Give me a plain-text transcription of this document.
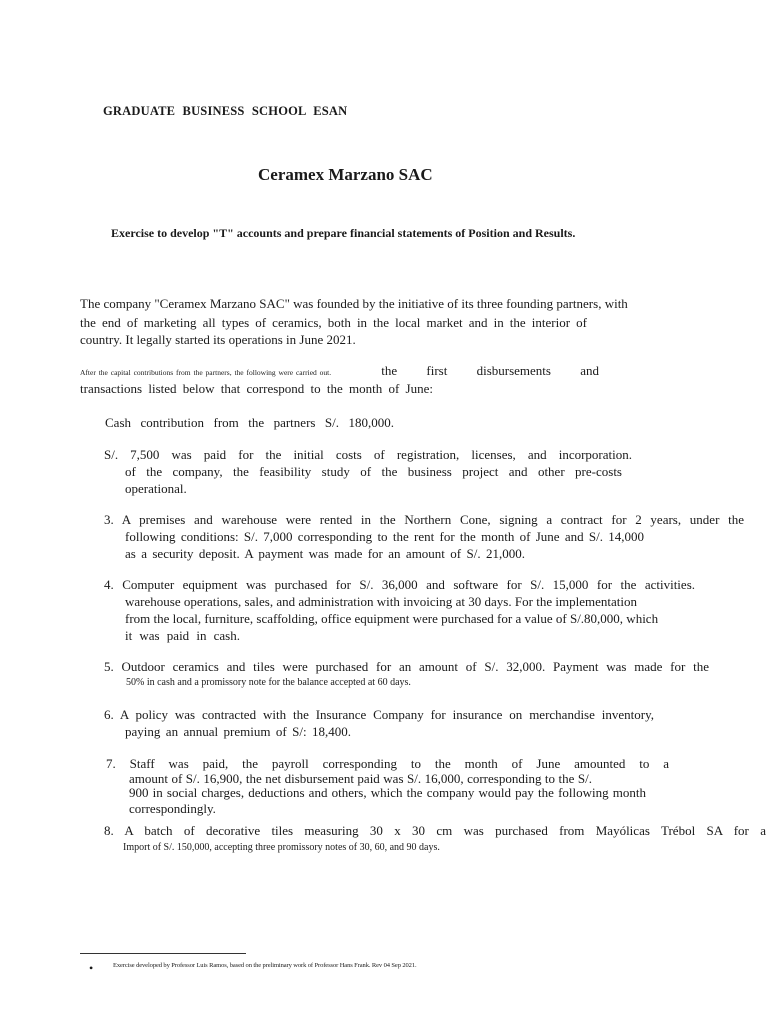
GRADUATE BUSINESS SCHOOL ESAN
Ceramex Marzano SAC
Exercise to develop "T" accounts and prepare financial statements of Position and Results.
The company "Ceramex Marzano SAC" was founded by the initiative of its three founding partners, with
the end of marketing all types of ceramics, both in the local market and in the interior of
country. It legally started its operations in June 2021.
After the capital contributions from the partners, the following were carried out.	the first disbursements and
transactions listed below that correspond to the month of June:
Cash contribution from the partners S/. 180,000.
S/. 7,500 was paid for the initial costs of registration, licenses, and incorporation.
of the company, the feasibility study of the business project and other pre-costs
operational.
3. A premises and warehouse were rented in the Northern Cone, signing a contract for 2 years, under the
following conditions: S/. 7,000 corresponding to the rent for the month of June and S/. 14,000
as a security deposit. A payment was made for an amount of S/. 21,000.
4. Computer equipment was purchased for S/. 36,000 and software for S/. 15,000 for the activities.
warehouse operations, sales, and administration with invoicing at 30 days. For the implementation
from the local, furniture, scaffolding, office equipment were purchased for a value of S/.80,000, which
it was paid in cash.
5. Outdoor ceramics and tiles were purchased for an amount of S/. 32,000. Payment was made for the
50% in cash and a promissory note for the balance accepted at 60 days.
6. A policy was contracted with the Insurance Company for insurance on merchandise inventory,
paying an annual premium of S/: 18,400.
7. Staff was paid, the payroll corresponding to the month of June amounted to a
amount of S/. 16,900, the net disbursement paid was S/. 16,000, corresponding to the S/.
900 in social charges, deductions and others, which the company would pay the following month
correspondingly.
8. A batch of decorative tiles measuring 30 x 30 cm was purchased from Mayólicas Trébol SA for a
Import of S/. 150,000, accepting three promissory notes of 30, 60, and 90 days.
•	Exercise developed by Professor Luis Ramos, based on the preliminary work of Professor Hans Frank. Rev 04 Sep 2021.
